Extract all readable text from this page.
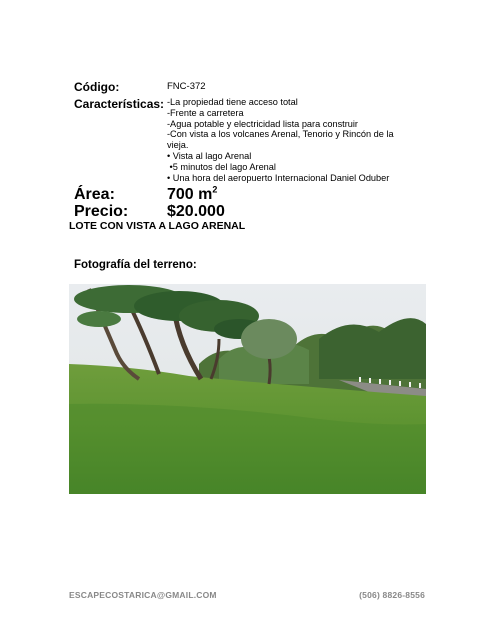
Código:	FNC-372
Características: -La propiedad tiene acceso total
-Frente a carretera
-Agua potable y electricidad lista para construir
-Con vista a los volcanes Arenal, Tenorio y Rincón de la
vieja.
• Vista al lago Arenal
•5 minutos del lago Arenal
• Una hora del aeropuerto Internacional Daniel Oduber
Área:	700 $m^2$
Precio: $20.000
LOTE CON VISTA A LAGO ARENAL
Fotografía del terreno:
ESCAPECOSTARICA@GMAIL.COM	(506) 8826-8556
